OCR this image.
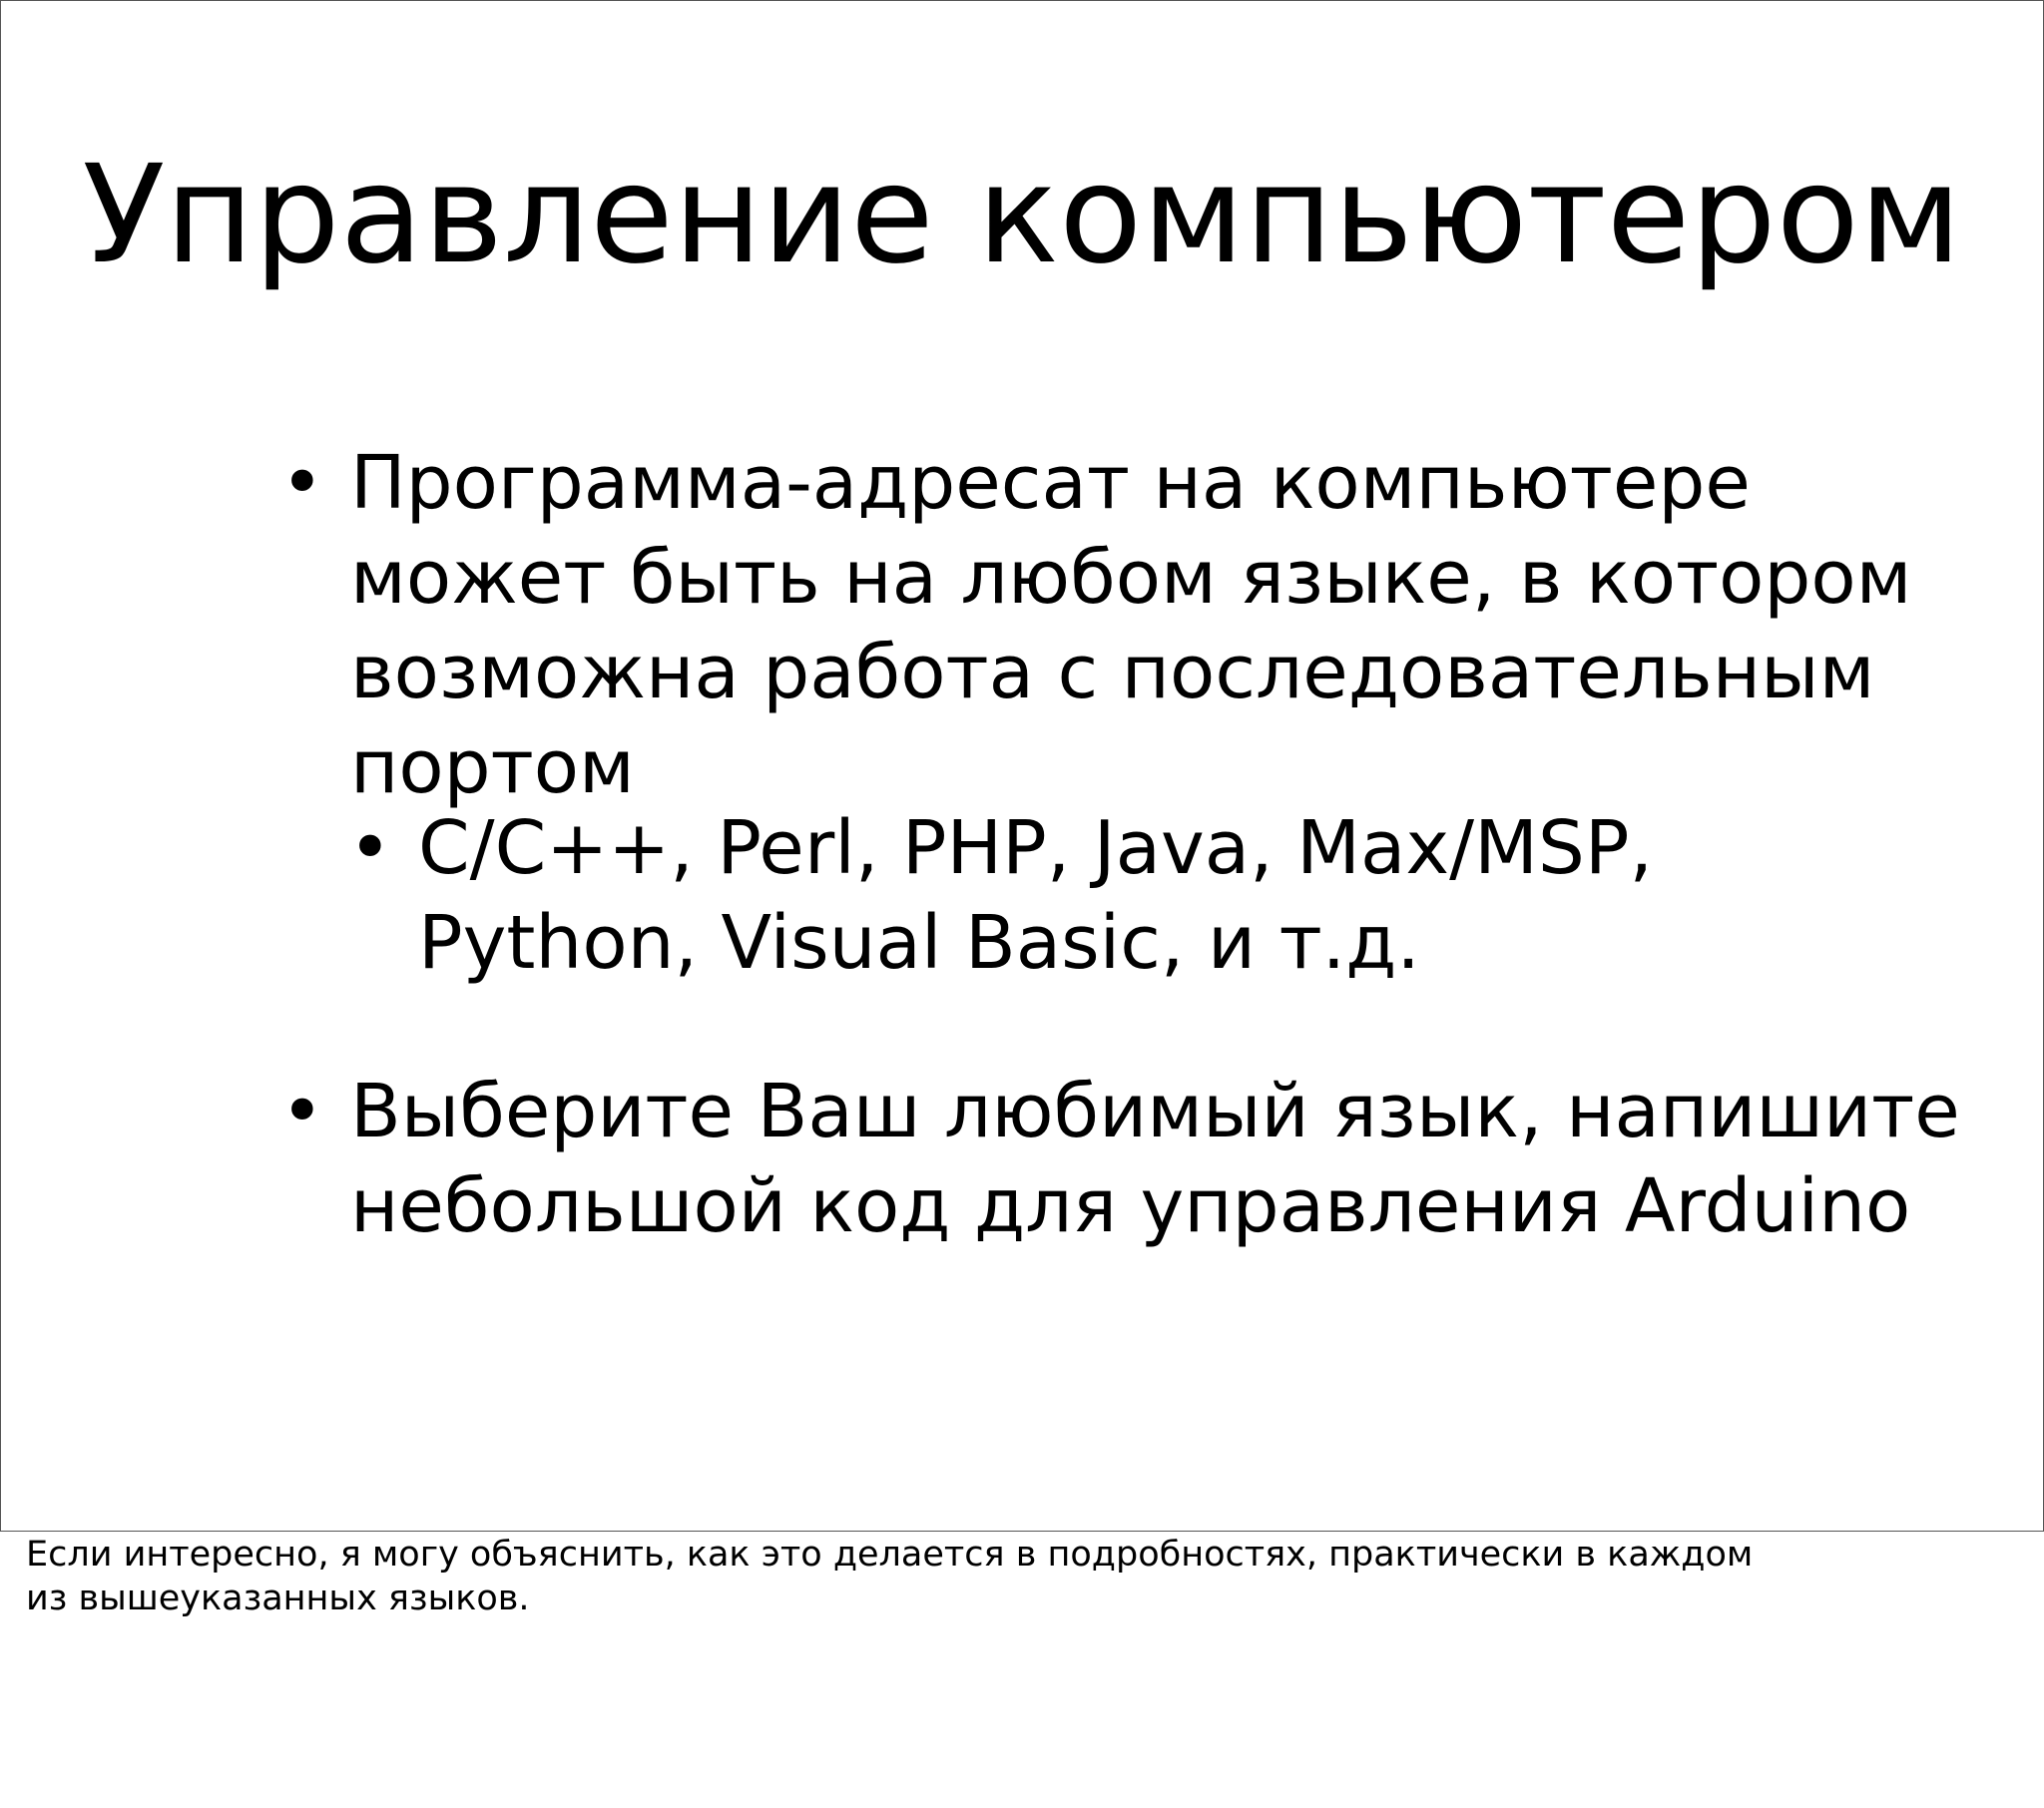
Управление компьютером
• Программа-адресат на компьютере
может быть на любом языке, в котором
возможна работа с последовательным
портом
• C/C++, Perl, PHP, Java, Max/MSP,
Python, Visual Basic, и т.д.
• Выберите Ваш любимый язык, напишите
небольшой код для управления Arduino
Если интересно, я могу объяснить, как это делается в подробностях, практически в каждом
из вышеуказанных языков.
